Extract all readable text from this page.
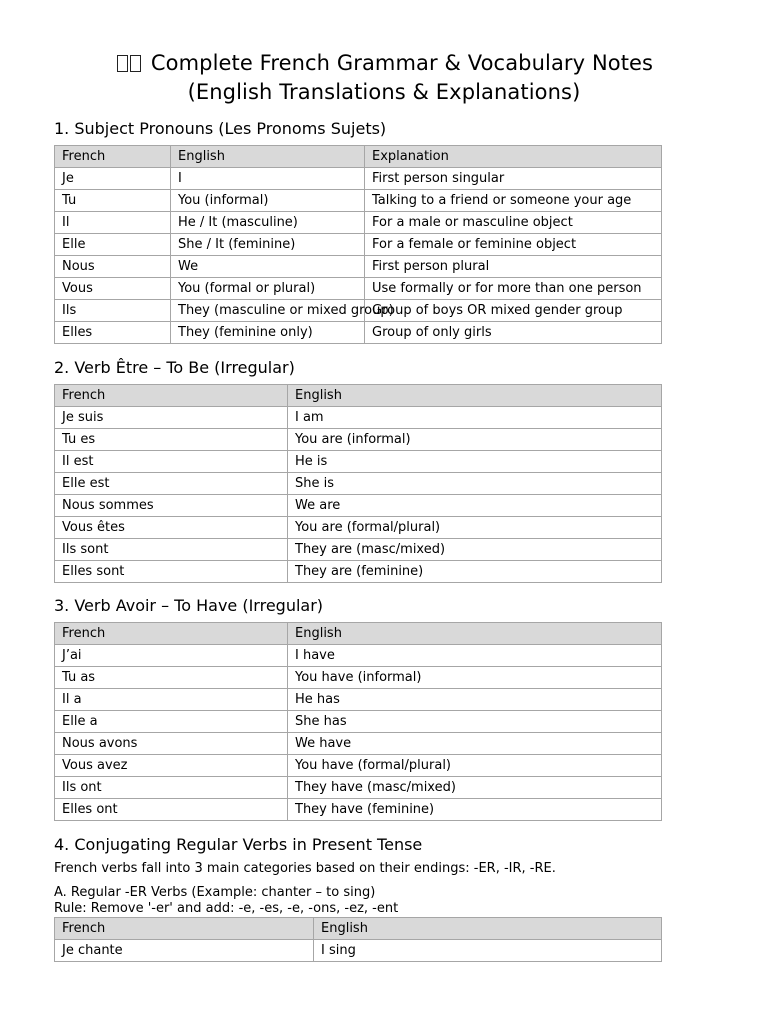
Complete French Grammar & Vocabulary Notes
(English Translations & Explanations)
1. Subject Pronouns (Les Pronoms Sujets)
French	English	Explanation
Je	I	First person singular
Tu	You (informal)	Talking to a friend or someone your age
Il	He / It (masculine)	For a male or masculine object
Elle	She / It (feminine)	For a female or feminine object
Nous	We	First person plural
Vous	You (formal or plural)	Use formally or for more than one person
Ils	They (masculine or mixed group)	Group of boys OR mixed gender group
Elles	They (feminine only)	Group of only girls
2. Verb Être – To Be (Irregular)
French	English
Je suis	I am
Tu es	You are (informal)
Il est	He is
Elle est	She is
Nous sommes	We are
Vous êtes	You are (formal/plural)
Ils sont	They are (masc/mixed)
Elles sont	They are (feminine)
3. Verb Avoir – To Have (Irregular)
French	English
J’ai	I have
Tu as	You have (informal)
Il a	He has
Elle a	She has
Nous avons	We have
Vous avez	You have (formal/plural)
Ils ont	They have (masc/mixed)
Elles ont	They have (feminine)
4. Conjugating Regular Verbs in Present Tense

French verbs fall into 3 main categories based on their endings: -ER, -IR, -RE.

A. Regular -ER Verbs (Example: chanter – to sing)

Rule: Remove '-er' and add: -e, -es, -e, -ons, -ez, -ent

French	English
Je chante	I sing
